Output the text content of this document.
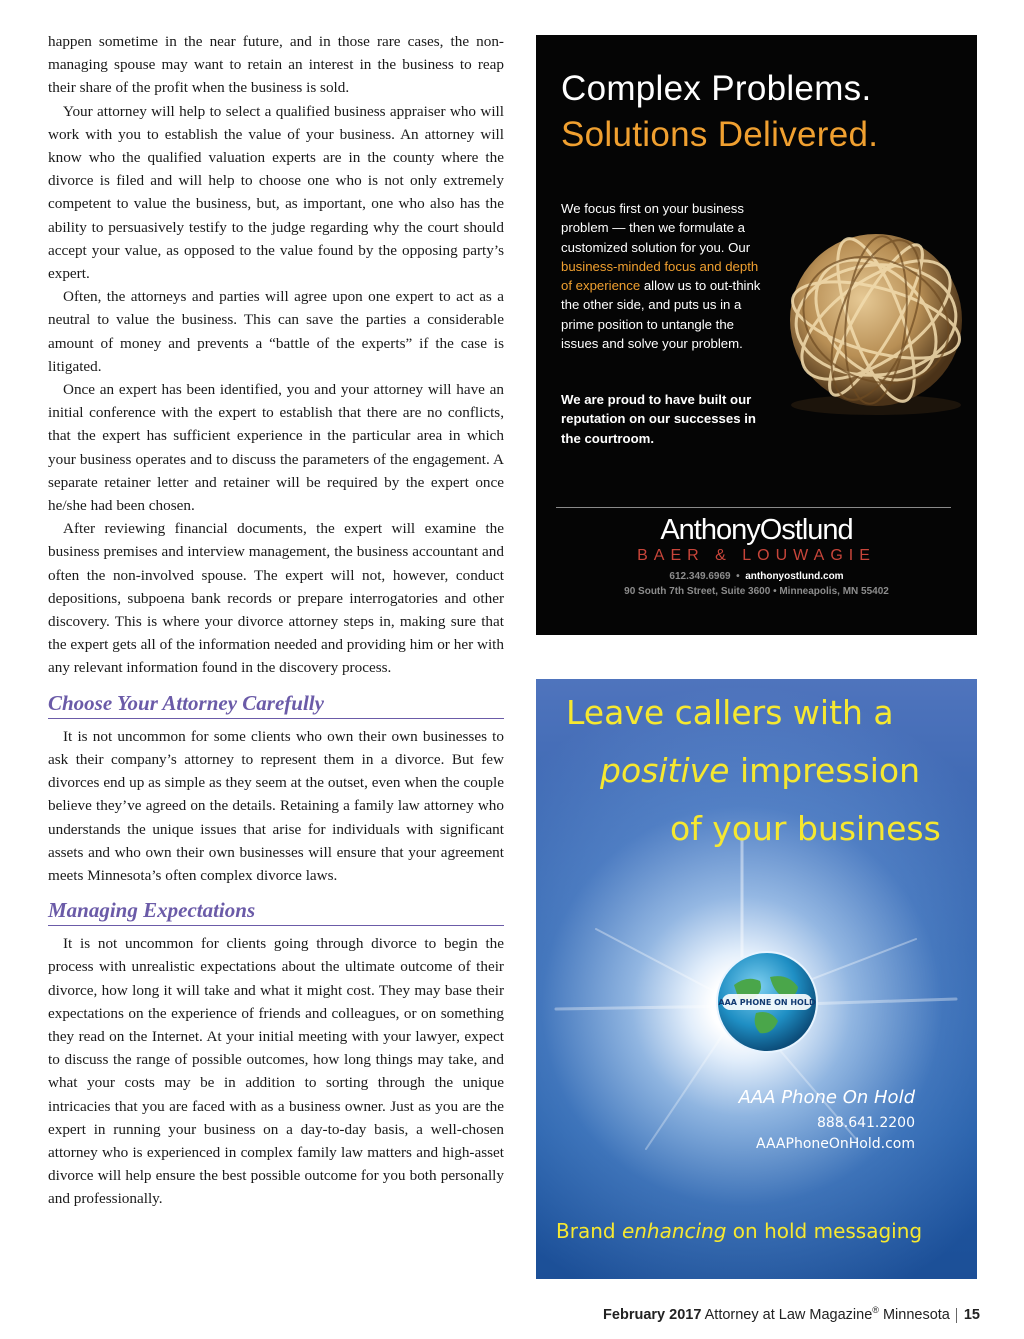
happen sometime in the near future, and in those rare cases, the non-managing spouse may want to retain an interest in the business to reap their share of the profit when the business is sold.

Your attorney will help to select a qualified business appraiser who will work with you to establish the value of your business. An attorney will know who the qualified valuation experts are in the county where the divorce is filed and will help to choose one who is not only extremely competent to value the business, but, as important, one who also has the ability to persuasively testify to the judge regarding why the court should accept your value, as opposed to the value found by the opposing party’s expert.

Often, the attorneys and parties will agree upon one expert to act as a neutral to value the business. This can save the parties a considerable amount of money and prevents a “battle of the experts” if the case is litigated.

Once an expert has been identified, you and your attorney will have an initial conference with the expert to establish that there are no conflicts, that the expert has sufficient experience in the particular area in which your business operates and to discuss the parameters of the engagement. A separate retainer letter and retainer will be required by the expert once he/she had been chosen.

After reviewing financial documents, the expert will examine the business premises and interview management, the business accountant and often the non-involved spouse. The expert will not, however, conduct depositions, subpoena bank records or prepare interrogatories and other discovery. This is where your divorce attorney steps in, making sure that the expert gets all of the information needed and providing him or her with any relevant information found in the discovery process.

Choose Your Attorney Carefully

It is not uncommon for some clients who own their own businesses to ask their company’s attorney to represent them in a divorce. But few divorces end up as simple as they seem at the outset, even when the couple believe they’ve agreed on the details. Retaining a family law attorney who understands the unique issues that arise for individuals with significant assets and who own their own businesses will ensure that your agreement meets Minnesota’s often complex divorce laws.

Managing Expectations

It is not uncommon for clients going through divorce to begin the process with unrealistic expectations about the ultimate outcome of their divorce, how long it will take and what it might cost. They may base their expectations on the experience of friends and colleagues, or on something they read on the Internet. At your initial meeting with your lawyer, expect to discuss the range of possible outcomes, how long things may take, and what your costs may be in addition to sorting through the unique intricacies that you are faced with as a business owner. Just as you are the expert in running your business on a day-to-day basis, a well-chosen attorney who is experienced in complex family law matters and high-asset divorce will help ensure the best possible outcome for you both personally and professionally.

Complex Problems.
Solutions Delivered.
We focus first on your business problem — then we formulate a customized solution for you. Our business-minded focus and depth of experience allow us to out-think the other side, and puts us in a prime position to untangle the issues and solve your problem.
We are proud to have built our reputation on our successes in the courtroom.
AnthonyOstlund
BAER & LOUWAGIE
612.349.6969 • anthonyostlund.com
90 South 7th Street, Suite 3600 • Minneapolis, MN 55402
Leave callers with a
positive impression
of your business
AAA PHONE ON HOLD
AAA Phone On Hold
888.641.2200
AAAPhoneOnHold.com
Brand enhancing on hold messaging
February 2017 Attorney at Law Magazine® Minnesota 15
